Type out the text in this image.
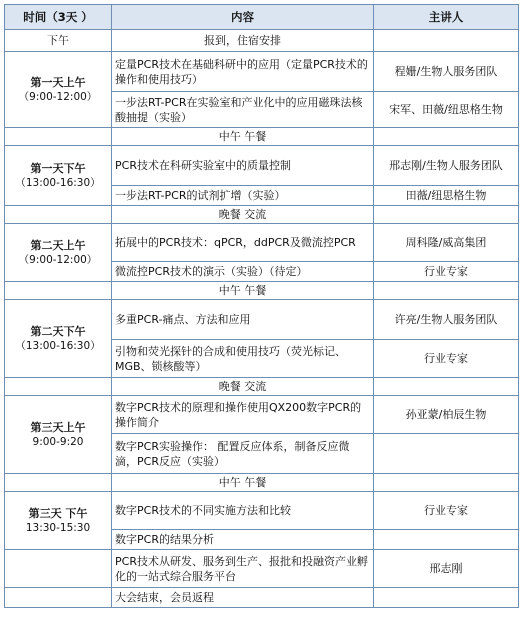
时间（3天 ）	内容	主讲人
下午	报到，住宿安排	

第一天上午
（9:00-12:00）	定量PCR技术在基础科研中的应用（定量PCR技术的操作和使用技巧）	程姗/生物人服务团队
	一步法RT-PCR在实验室和产业化中的应用磁珠法核酸抽提（实验）	宋军、田薇/纽思格生物
	中午 午餐	

第一天下午
（13:00-16:30）	PCR技术在科研实验室中的质量控制	邢志刚/生物人服务团队
	一步法RT-PCR的试剂扩增（实验）	田薇/纽思格生物
	晚餐 交流	

第二天上午
（9:00-12:00）	拓展中的PCR技术：qPCR，ddPCR及微流控PCR	周科隆/威高集团
	微流控PCR技术的演示（实验）（待定）	行业专家
	中午 午餐	

第二天下午
（13:00-16:30）	多重PCR-痛点、方法和应用	许亮/生物人服务团队
	引物和荧光探针的合成和使用技巧（荧光标记、MGB、锁核酸等）	行业专家
	晚餐 交流	

第三天上午
9:00-9:20	数字PCR技术的原理和操作使用QX200数字PCR的操作简介	孙亚蒙/柏辰生物
	数字PCR实验操作： 配置反应体系，制备反应微滴，PCR反应（实验）	
	中午 午餐	

第三天 下午
13:30-15:30	数字PCR技术的不同实施方法和比较	行业专家
	数字PCR的结果分析	
	PCR技术从研发、服务到生产、报批和投融资产业孵化的一站式综合服务平台	邢志刚
	大会结束，会员返程	
